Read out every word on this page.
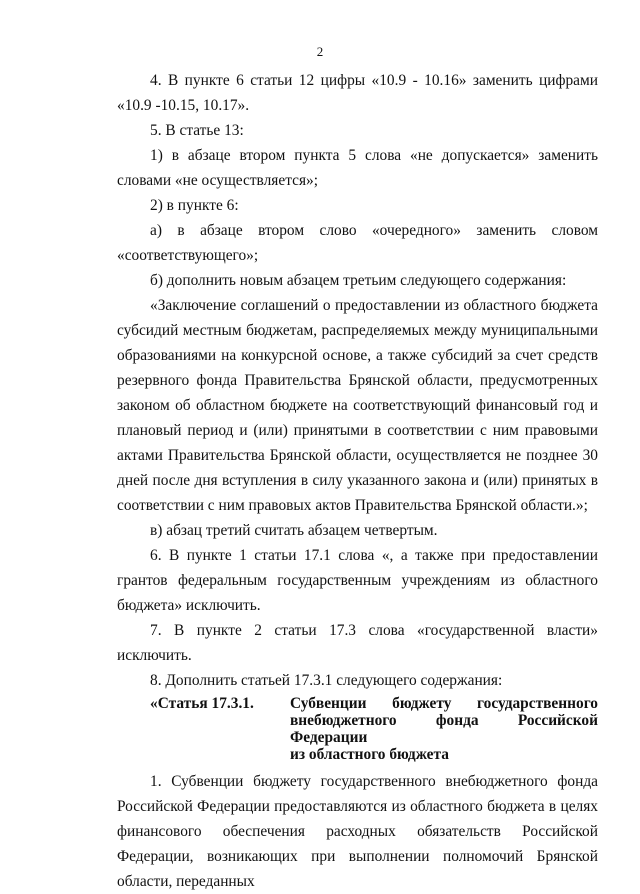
2

4. В пункте 6 статьи 12 цифры «10.9 - 10.16» заменить цифрами «10.9 -10.15, 10.17».

5. В статье 13:

1) в абзаце втором пункта 5 слова «не допускается» заменить словами «не осуществляется»;

2) в пункте 6:

а) в абзаце втором слово «очередного» заменить словом «соответствующего»;

б) дополнить новым абзацем третьим следующего содержания:

«Заключение соглашений о предоставлении из областного бюджета субсидий местным бюджетам, распределяемых между муниципальными образованиями на конкурсной основе, а также субсидий за счет средств резервного фонда Правительства Брянской области, предусмотренных законом об областном бюджете на соответствующий финансовый год и плановый период и (или) принятыми в соответствии с ним правовыми актами Правительства Брянской области, осуществляется не позднее 30 дней после дня вступления в силу указанного закона и (или) принятых в соответствии с ним правовых актов Правительства Брянской области.»;

в) абзац третий считать абзацем четвертым.

6. В пункте 1 статьи 17.1 слова «, а также при предоставлении грантов федеральным государственным учреждениям из областного бюджета» исключить.

7. В пункте 2 статьи 17.3 слова «государственной власти» исключить.

8. Дополнить статьей 17.3.1 следующего содержания:

«Статья 17.3.1.	Субвенции бюджету государственного
внебюджетного фонда Российской Федерации
из областного бюджета

1. Субвенции бюджету государственного внебюджетного фонда Российской Федерации предоставляются из областного бюджета в целях финансового обеспечения расходных обязательств Российской Федерации, возникающих при выполнении полномочий Брянской области, переданных
